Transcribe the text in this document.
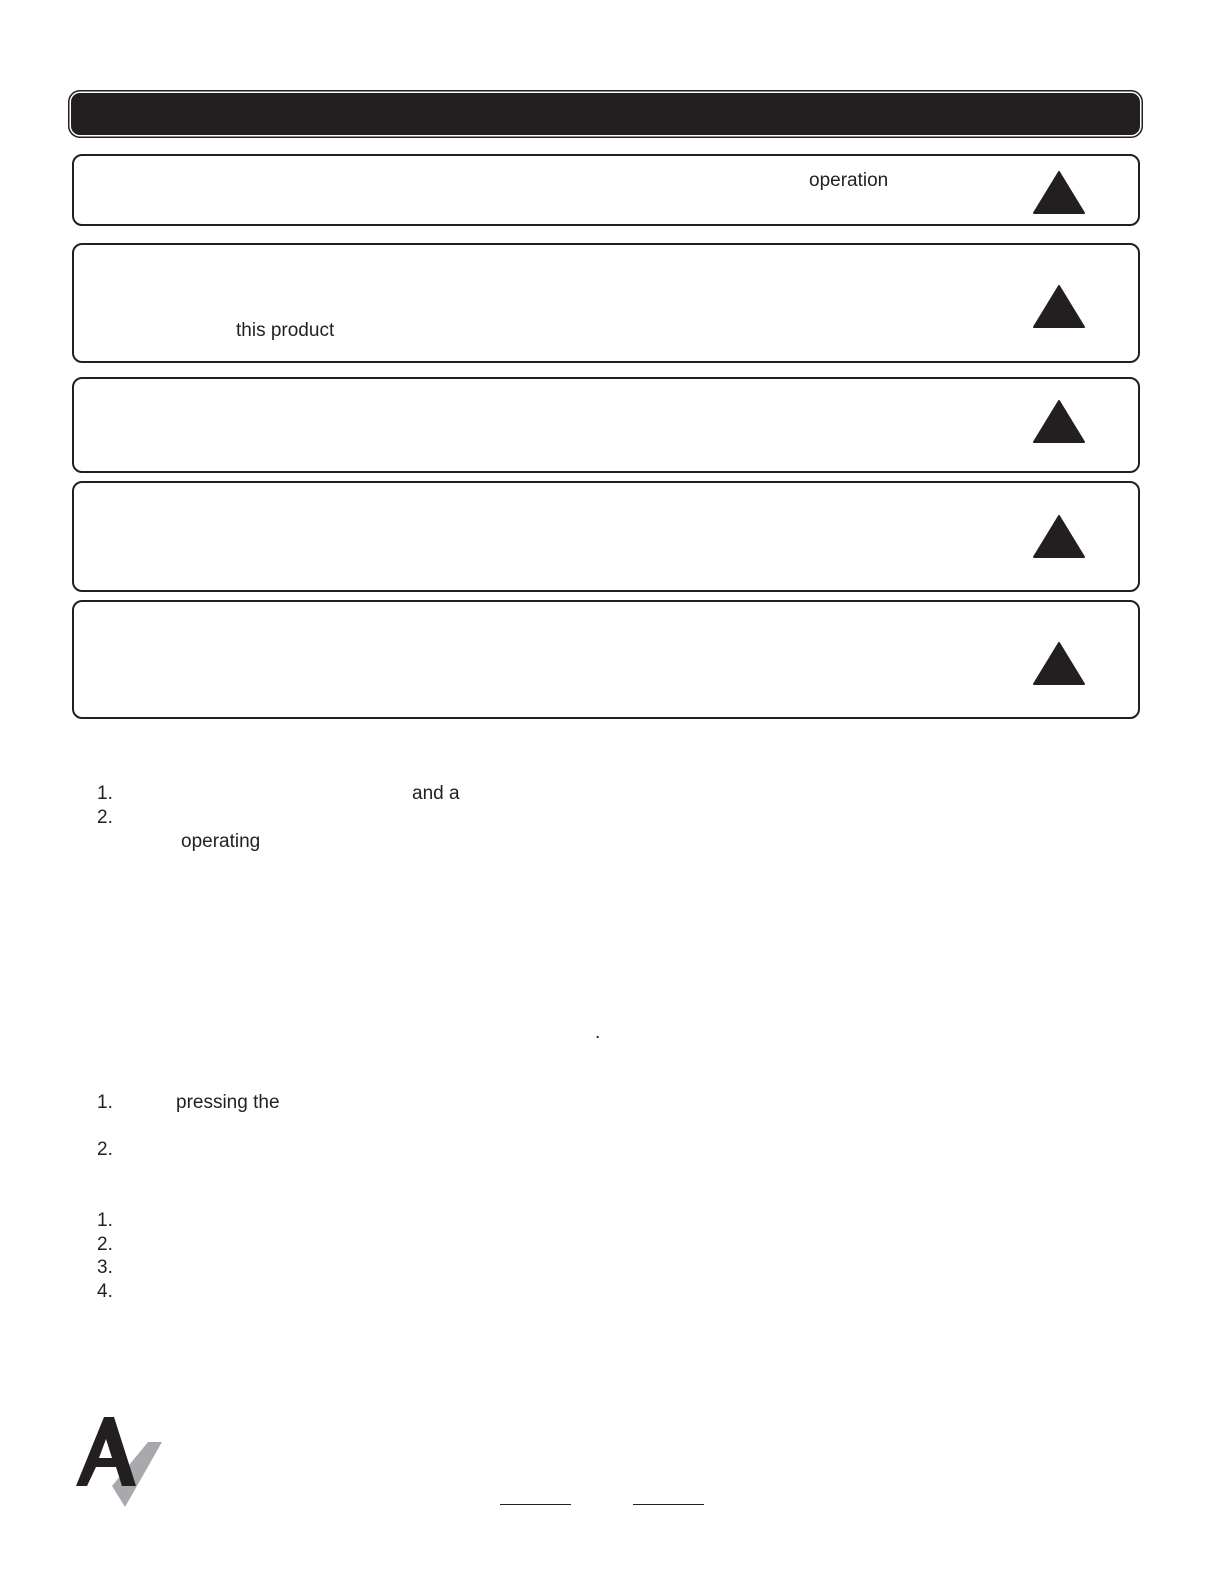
operation
this product
1.	and a
2.
operating
.
1.	pressing the
2.
1.
2.
3.
4.
